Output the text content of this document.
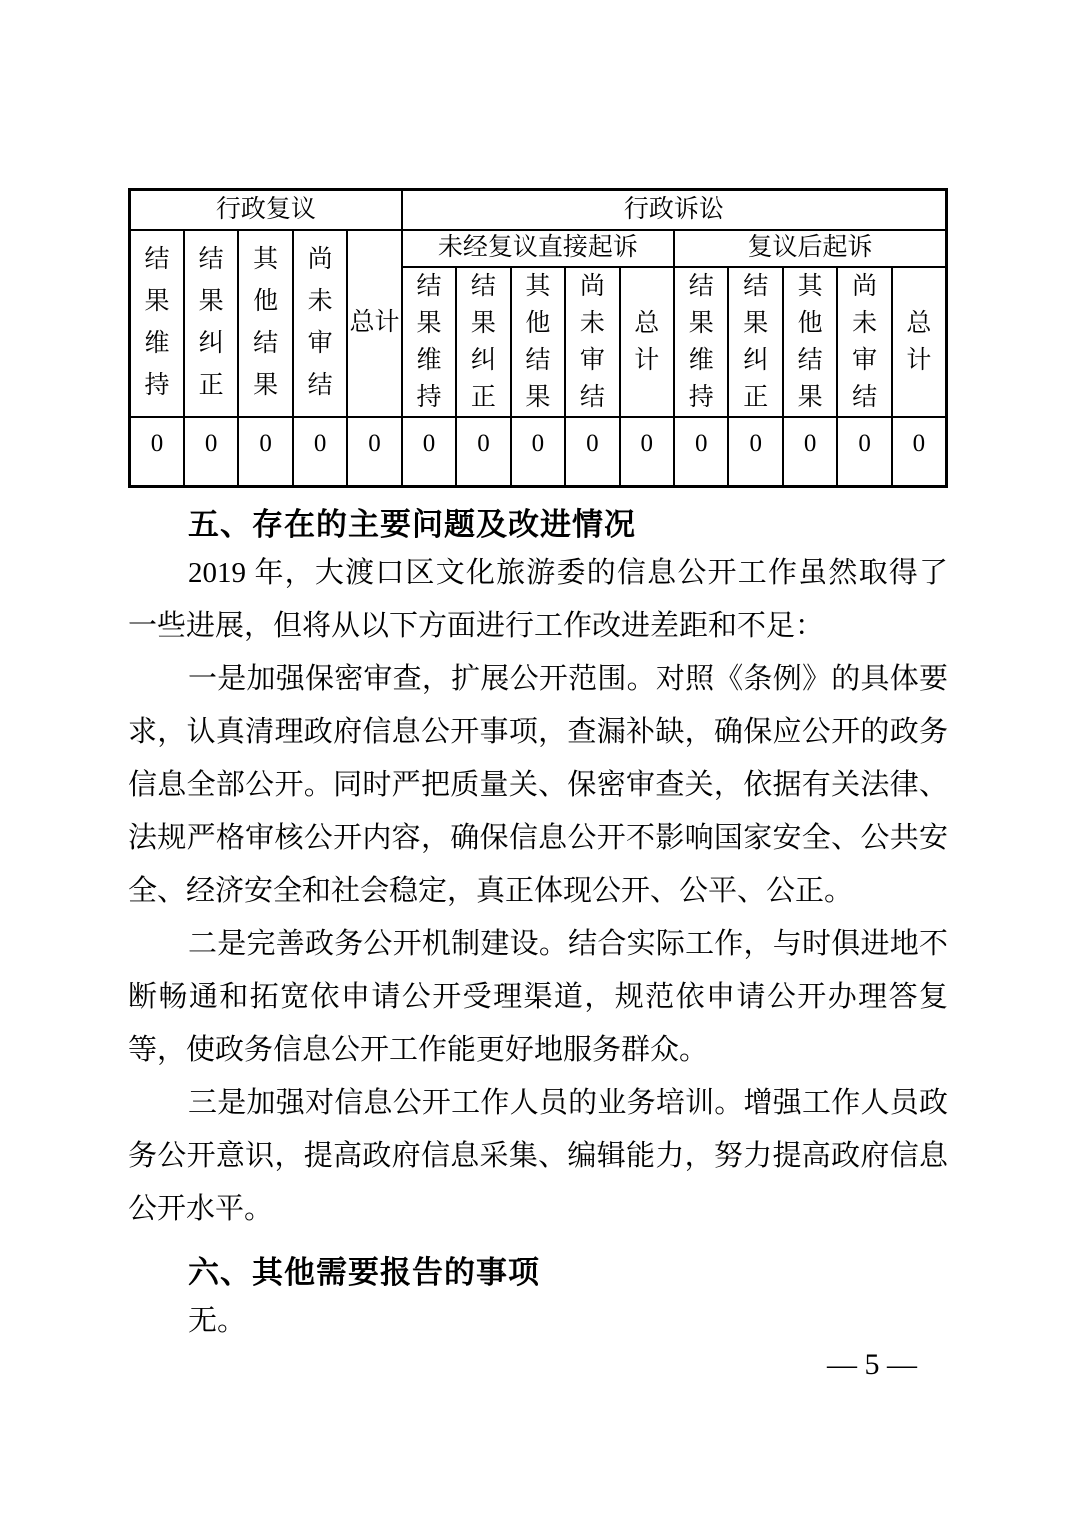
行政复议					行政诉讼									

结果维持	结果纠正	其他结果	尚未审结	总计	未经复议直接起诉					复议后起诉				

					结果维持	结果纠正	其他结果	尚未审结	总计	结果维持	结果纠正	其他结果	尚未审结	总计

0	0	0	0	0	0	0	0	0	0	0	0	0	0	0
五、存在的主要问题及改进情况
2019 年，大渡口区文化旅游委的信息公开工作虽然取得了
一些进展，但将从以下方面进行工作改进差距和不足：
一是加强保密审查，扩展公开范围。对照《条例》的具体要
求，认真清理政府信息公开事项，查漏补缺，确保应公开的政务
信息全部公开。同时严把质量关、保密审查关，依据有关法律、
法规严格审核公开内容，确保信息公开不影响国家安全、公共安
全、经济安全和社会稳定，真正体现公开、公平、公正。
二是完善政务公开机制建设。结合实际工作，与时俱进地不
断畅通和拓宽依申请公开受理渠道，规范依申请公开办理答复
等，使政务信息公开工作能更好地服务群众。
三是加强对信息公开工作人员的业务培训。增强工作人员政
务公开意识，提高政府信息采集、编辑能力，努力提高政府信息
公开水平。
六、其他需要报告的事项
无。
— 5 —
